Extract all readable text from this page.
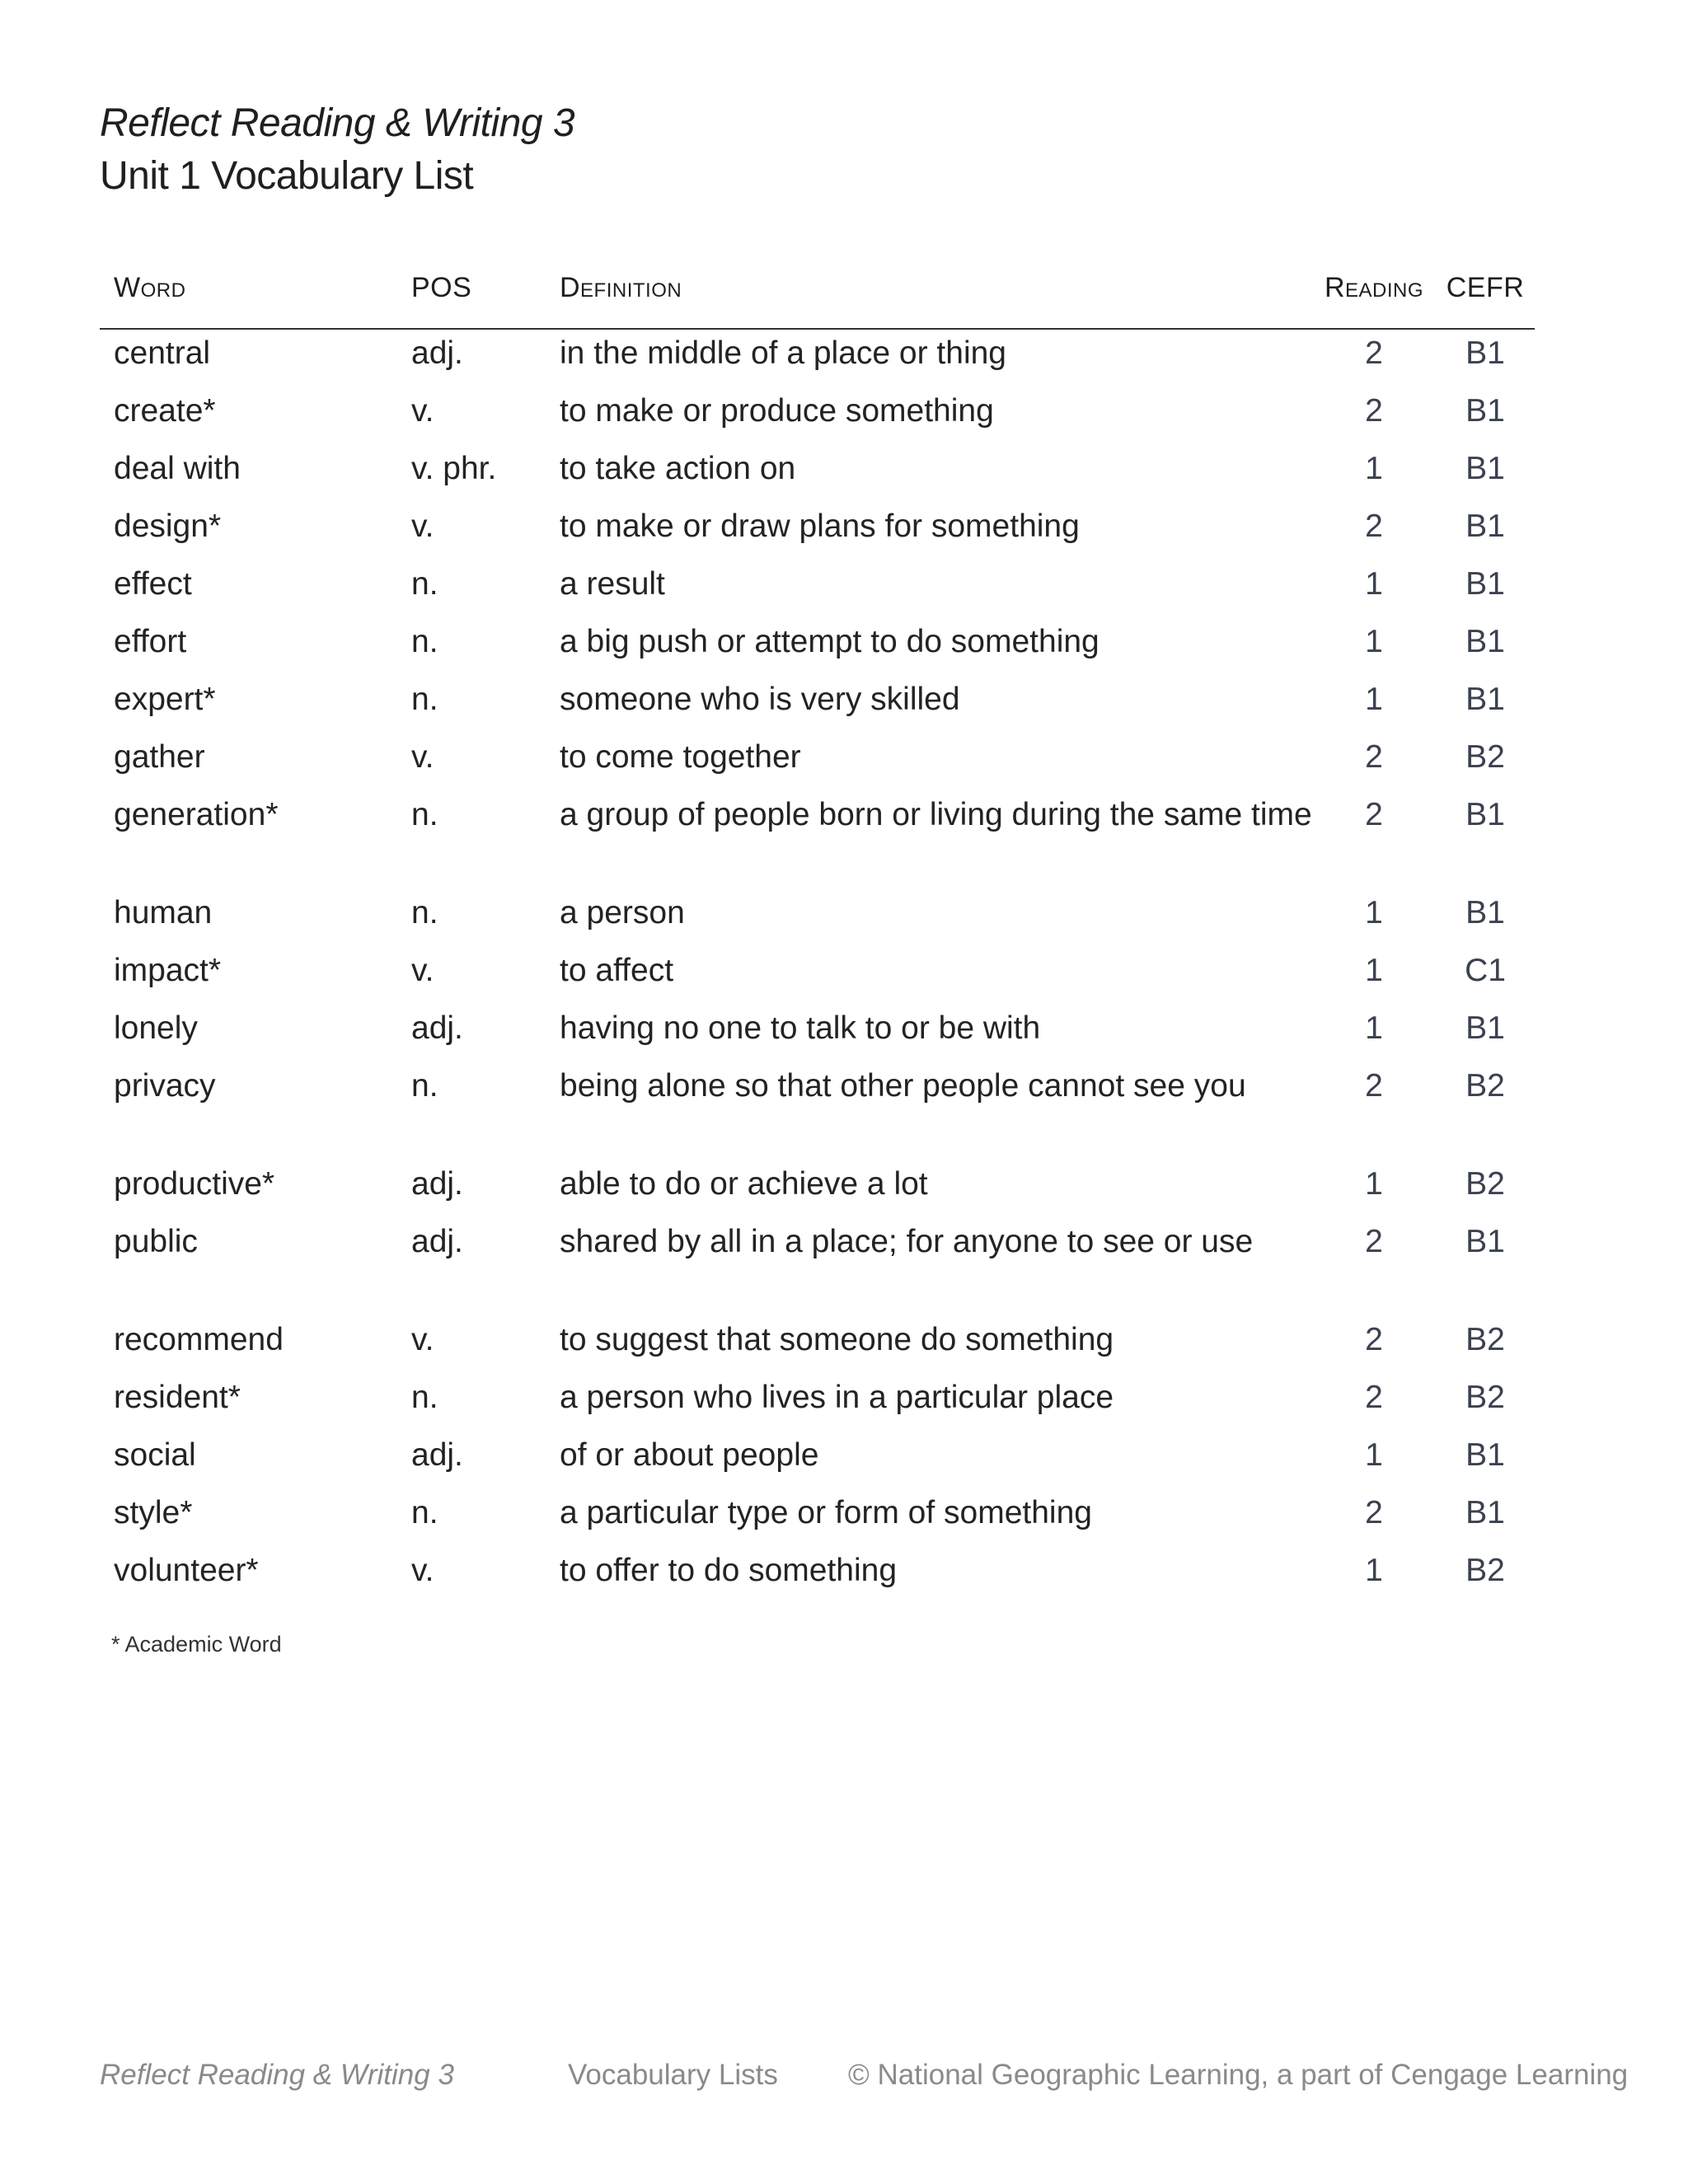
Reflect Reading & Writing 3
Unit 1 Vocabulary List
Word	POS	Definition	Reading	CEFR
central	adj.	in the middle of a place or thing	2	B1
create*	v.	to make or produce something	2	B1
deal with	v. phr.	to take action on	1	B1
design*	v.	to make or draw plans for something	2	B1
effect	n.	a result	1	B1
effort	n.	a big push or attempt to do something	1	B1
expert*	n.	someone who is very skilled	1	B1
gather	v.	to come together	2	B2
generation*	n.	a group of people born or living during the same time	2	B1
human	n.	a person	1	B1
impact*	v.	to affect	1	C1
lonely	adj.	having no one to talk to or be with	1	B1
privacy	n.	being alone so that other people cannot see you	2	B2
productive*	adj.	able to do or achieve a lot	1	B2
public	adj.	shared by all in a place; for anyone to see or use	2	B1
recommend	v.	to suggest that someone do something	2	B2
resident*	n.	a person who lives in a particular place	2	B2
social	adj.	of or about people	1	B1
style*	n.	a particular type or form of something	2	B1
volunteer*	v.	to offer to do something	1	B2
* Academic Word
Reflect Reading & Writing 3	Vocabulary Lists © National Geographic Learning, a part of Cengage Learning
